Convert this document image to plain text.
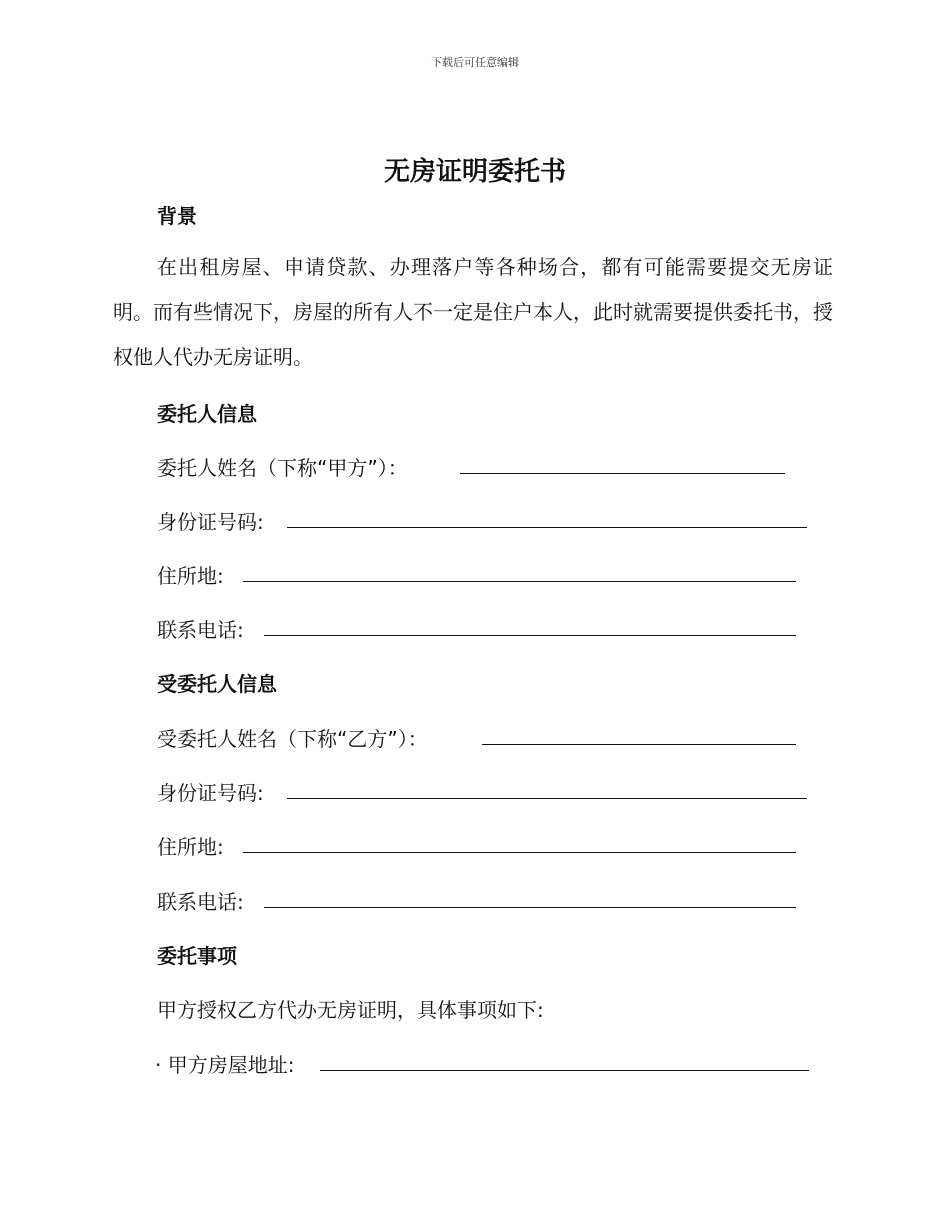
下载后可任意编辑
无房证明委托书
背景
在出租房屋、申请贷款、办理落户等各种场合，都有可能需要提交无房证明。而有些情况下，房屋的所有人不一定是住户本人，此时就需要提供委托书，授权他人代办无房证明。
委托人信息
委托人姓名（下称“甲方”）：
身份证号码:
住所地:
联系电话:
受委托人信息
受委托人姓名（下称“乙方”）：
身份证号码:
住所地:
联系电话:
委托事项
甲方授权乙方代办无房证明，具体事项如下:
· 甲方房屋地址:
